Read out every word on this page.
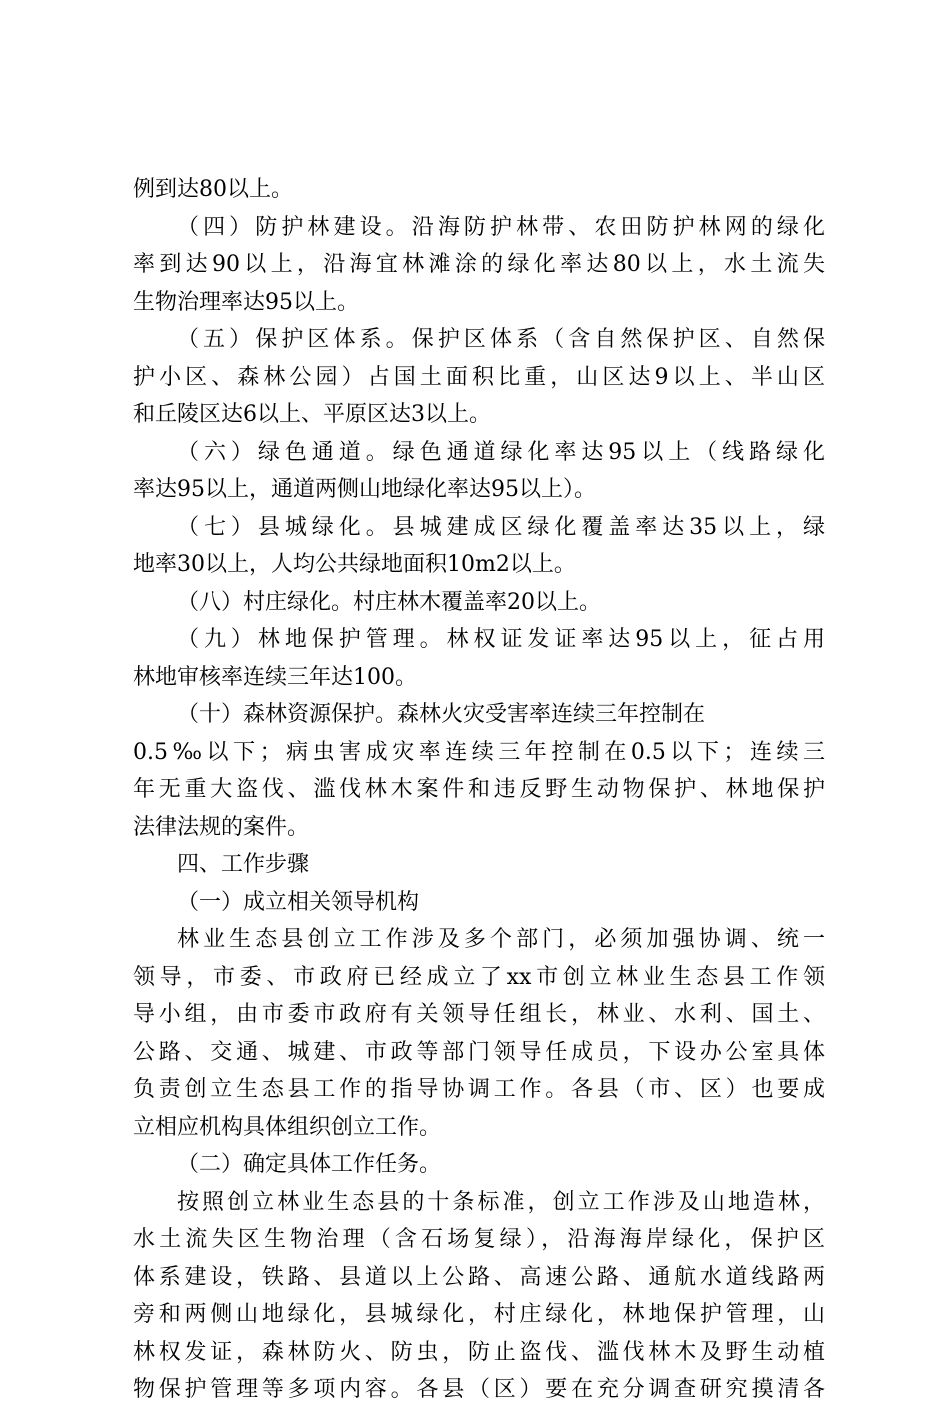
例到达80以上。
（四）防护林建设。沿海防护林带、农田防护林网的绿化
率到达90以上，沿海宜林滩涂的绿化率达80以上，水土流失
生物治理率达95以上。
（五）保护区体系。保护区体系（含自然保护区、自然保
护小区、森林公园）占国土面积比重，山区达9以上、半山区
和丘陵区达6以上、平原区达3以上。
（六）绿色通道。绿色通道绿化率达95以上（线路绿化
率达95以上，通道两侧山地绿化率达95以上）。
（七）县城绿化。县城建成区绿化覆盖率达35以上，绿
地率30以上，人均公共绿地面积10m2以上。
（八）村庄绿化。村庄林木覆盖率20以上。
（九）林地保护管理。林权证发证率达95以上，征占用
林地审核率连续三年达100。
（十）森林资源保护。森林火灾受害率连续三年控制在
0.5‰以下；病虫害成灾率连续三年控制在0.5以下；连续三
年无重大盗伐、滥伐林木案件和违反野生动物保护、林地保护
法律法规的案件。
四、工作步骤
（一）成立相关领导机构
林业生态县创立工作涉及多个部门，必须加强协调、统一
领导，市委、市政府已经成立了xx市创立林业生态县工作领
导小组，由市委市政府有关领导任组长，林业、水利、国土、
公路、交通、城建、市政等部门领导任成员，下设办公室具体
负责创立生态县工作的指导协调工作。各县（市、区）也要成
立相应机构具体组织创立工作。
（二）确定具体工作任务。
按照创立林业生态县的十条标准，创立工作涉及山地造林，
水土流失区生物治理（含石场复绿），沿海海岸绿化，保护区
体系建设，铁路、县道以上公路、高速公路、通航水道线路两
旁和两侧山地绿化，县城绿化，村庄绿化，林地保护管理，山
林权发证，森林防火、防虫，防止盗伐、滥伐林木及野生动植
物保护管理等多项内容。各县（区）要在充分调查研究摸清各
